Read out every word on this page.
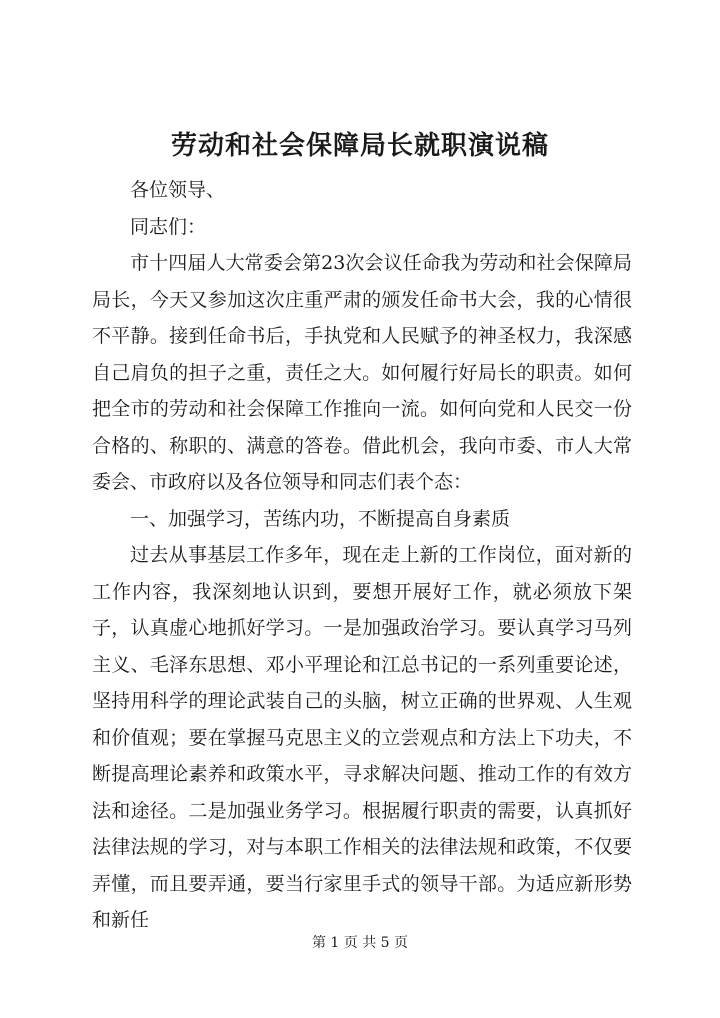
劳动和社会保障局长就职演说稿

各位领导、

同志们：

市十四届人大常委会第23次会议任命我为劳动和社会保障局局长，今天又参加这次庄重严肃的颁发任命书大会，我的心情很不平静。接到任命书后，手执党和人民赋予的神圣权力，我深感自己肩负的担子之重，责任之大。如何履行好局长的职责。如何把全市的劳动和社会保障工作推向一流。如何向党和人民交一份合格的、称职的、满意的答卷。借此机会，我向市委、市人大常委会、市政府以及各位领导和同志们表个态：

一、加强学习，苦练内功，不断提高自身素质

过去从事基层工作多年，现在走上新的工作岗位，面对新的工作内容，我深刻地认识到，要想开展好工作，就必须放下架子，认真虚心地抓好学习。一是加强政治学习。要认真学习马列主义、毛泽东思想、邓小平理论和江总书记的一系列重要论述，坚持用科学的理论武装自己的头脑，树立正确的世界观、人生观和价值观；要在掌握马克思主义的立尝观点和方法上下功夫，不断提高理论素养和政策水平，寻求解决问题、推动工作的有效方法和途径。二是加强业务学习。根据履行职责的需要，认真抓好法律法规的学习，对与本职工作相关的法律法规和政策，不仅要弄懂，而且要弄通，要当行家里手式的领导干部。为适应新形势和新任

第 1 页 共 5 页
